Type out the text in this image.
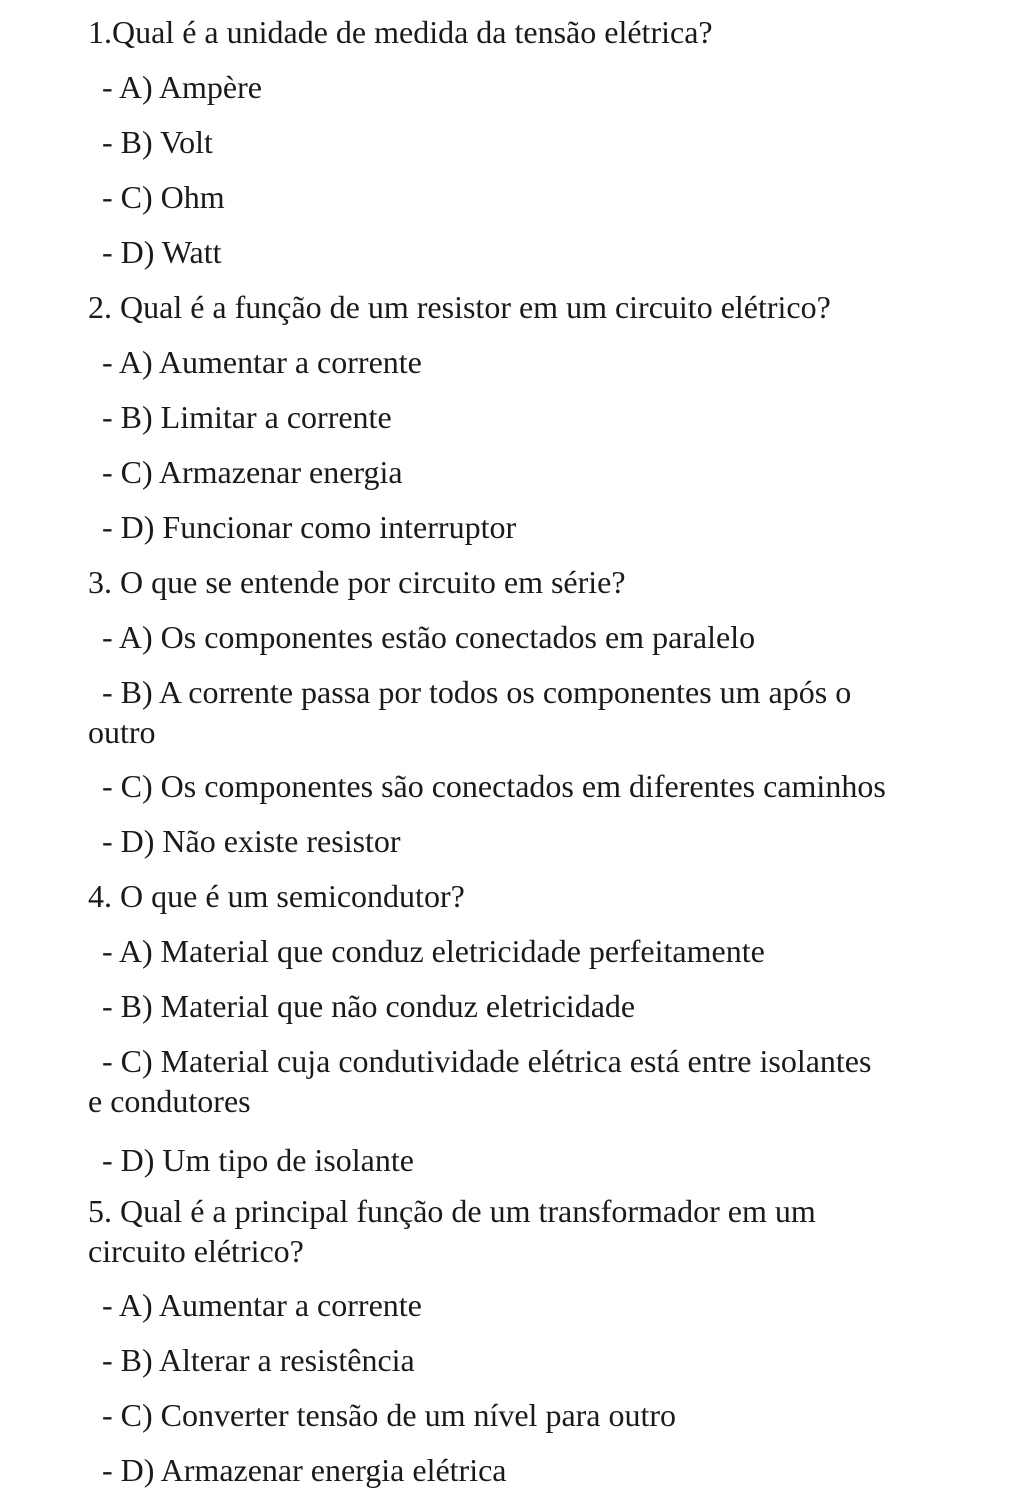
1.Qual é a unidade de medida da tensão elétrica?
- A) Ampère
- B) Volt
- C) Ohm
- D) Watt
2. Qual é a função de um resistor em um circuito elétrico?
- A) Aumentar a corrente
- B) Limitar a corrente
- C) Armazenar energia
- D) Funcionar como interruptor
3. O que se entende por circuito em série?
- A) Os componentes estão conectados em paralelo
- B) A corrente passa por todos os componentes um após o
outro
- C) Os componentes são conectados em diferentes caminhos
- D) Não existe resistor
4. O que é um semicondutor?
- A) Material que conduz eletricidade perfeitamente
- B) Material que não conduz eletricidade
- C) Material cuja condutividade elétrica está entre isolantes
e condutores
- D) Um tipo de isolante
5. Qual é a principal função de um transformador em um
circuito elétrico?
- A) Aumentar a corrente
- B) Alterar a resistência
- C) Converter tensão de um nível para outro
- D) Armazenar energia elétrica
